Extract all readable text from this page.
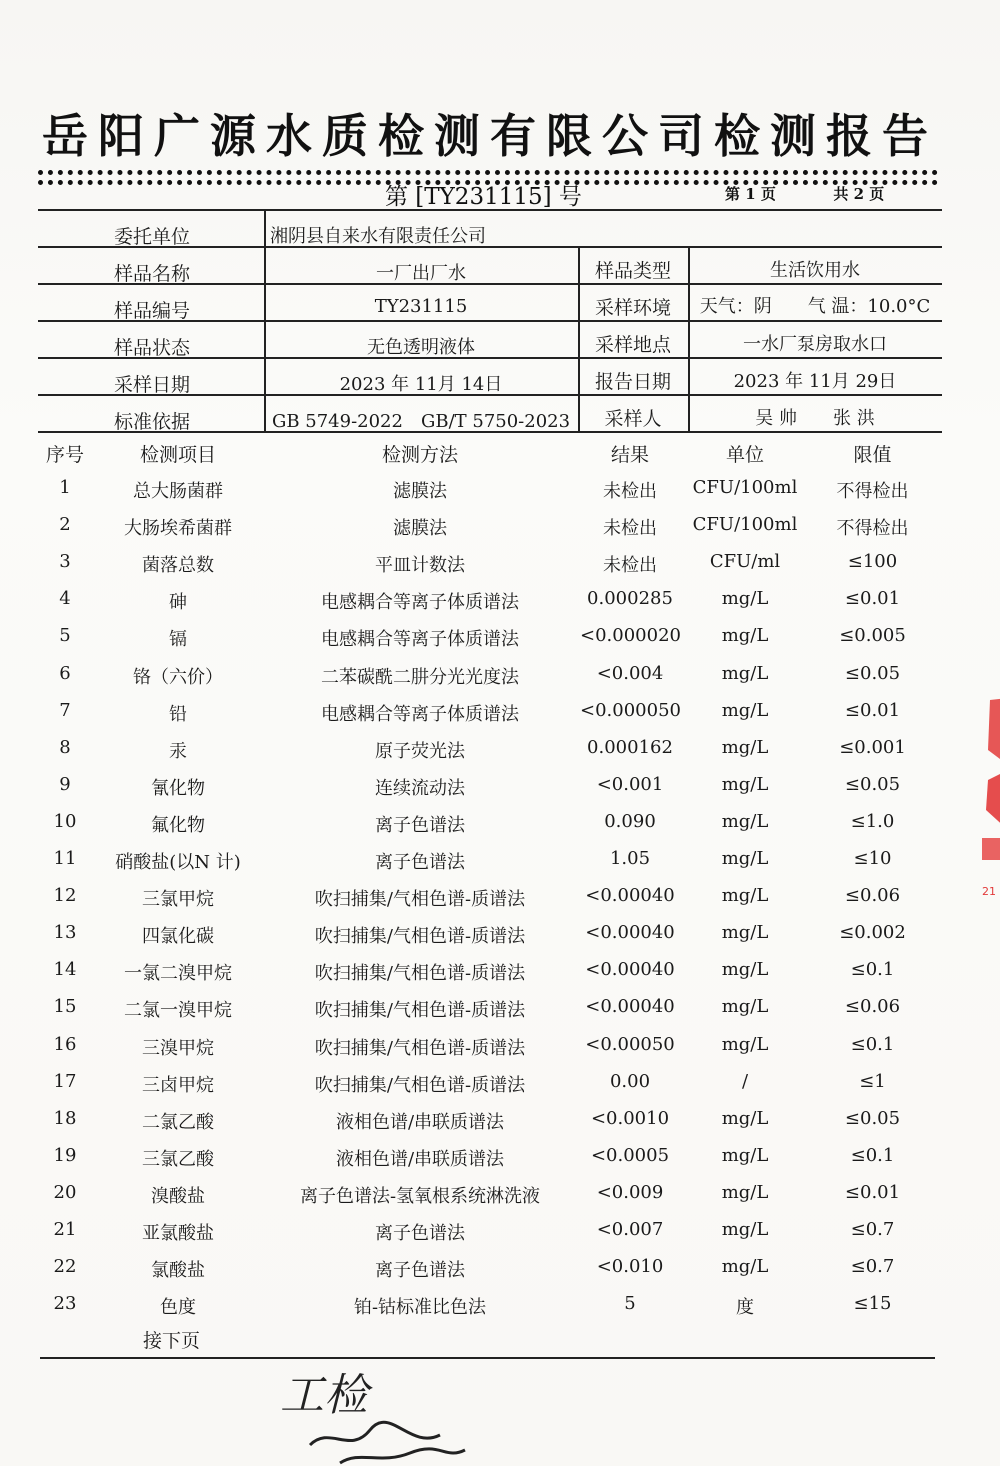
岳阳广源水质检测有限公司检测报告
第 [TY231115] 号	第 1 页	共 2 页
委托单位	湘阴县自来水有限责任公司
样品名称	一厂出厂水	样品类型	生活饮用水
样品编号	TY231115	采样环境	天气：阴　　气 温：10.0°C
样品状态	无色透明液体	采样地点	一水厂泵房取水口
采样日期	2023 年 11月 14日	报告日期	2023 年 11月 29日
标准依据	GB 5749-2022　GB/T 5750-2023	采样人	吴 帅　　张 洪
序号	检测项目	检测方法	结果	单位	限值
1	总大肠菌群	滤膜法	未检出	CFU/100ml	不得检出
2	大肠埃希菌群	滤膜法	未检出	CFU/100ml	不得检出
3	菌落总数	平皿计数法	未检出	CFU/ml	≤100
4	砷	电感耦合等离子体质谱法	0.000285	mg/L	≤0.01
5	镉	电感耦合等离子体质谱法	<0.000020	mg/L	≤0.005
6	铬（六价）	二苯碳酰二肼分光光度法	<0.004	mg/L	≤0.05
7	铅	电感耦合等离子体质谱法	<0.000050	mg/L	≤0.01
8	汞	原子荧光法	0.000162	mg/L	≤0.001
9	氰化物	连续流动法	<0.001	mg/L	≤0.05
10	氟化物	离子色谱法	0.090	mg/L	≤1.0
11	硝酸盐(以N 计)	离子色谱法	1.05	mg/L	≤10
12	三氯甲烷	吹扫捕集/气相色谱-质谱法	<0.00040	mg/L	≤0.06
13	四氯化碳	吹扫捕集/气相色谱-质谱法	<0.00040	mg/L	≤0.002
14	一氯二溴甲烷	吹扫捕集/气相色谱-质谱法	<0.00040	mg/L	≤0.1
15	二氯一溴甲烷	吹扫捕集/气相色谱-质谱法	<0.00040	mg/L	≤0.06
16	三溴甲烷	吹扫捕集/气相色谱-质谱法	<0.00050	mg/L	≤0.1
17	三卤甲烷	吹扫捕集/气相色谱-质谱法	0.00	/	≤1
18	二氯乙酸	液相色谱/串联质谱法	<0.0010	mg/L	≤0.05
19	三氯乙酸	液相色谱/串联质谱法	<0.0005	mg/L	≤0.1
20	溴酸盐	离子色谱法-氢氧根系统淋洗液	<0.009	mg/L	≤0.01
21	亚氯酸盐	离子色谱法	<0.007	mg/L	≤0.7
22	氯酸盐	离子色谱法	<0.010	mg/L	≤0.7
23	色度	铂-钴标准比色法	5	度	≤15
接下页
21
工检
